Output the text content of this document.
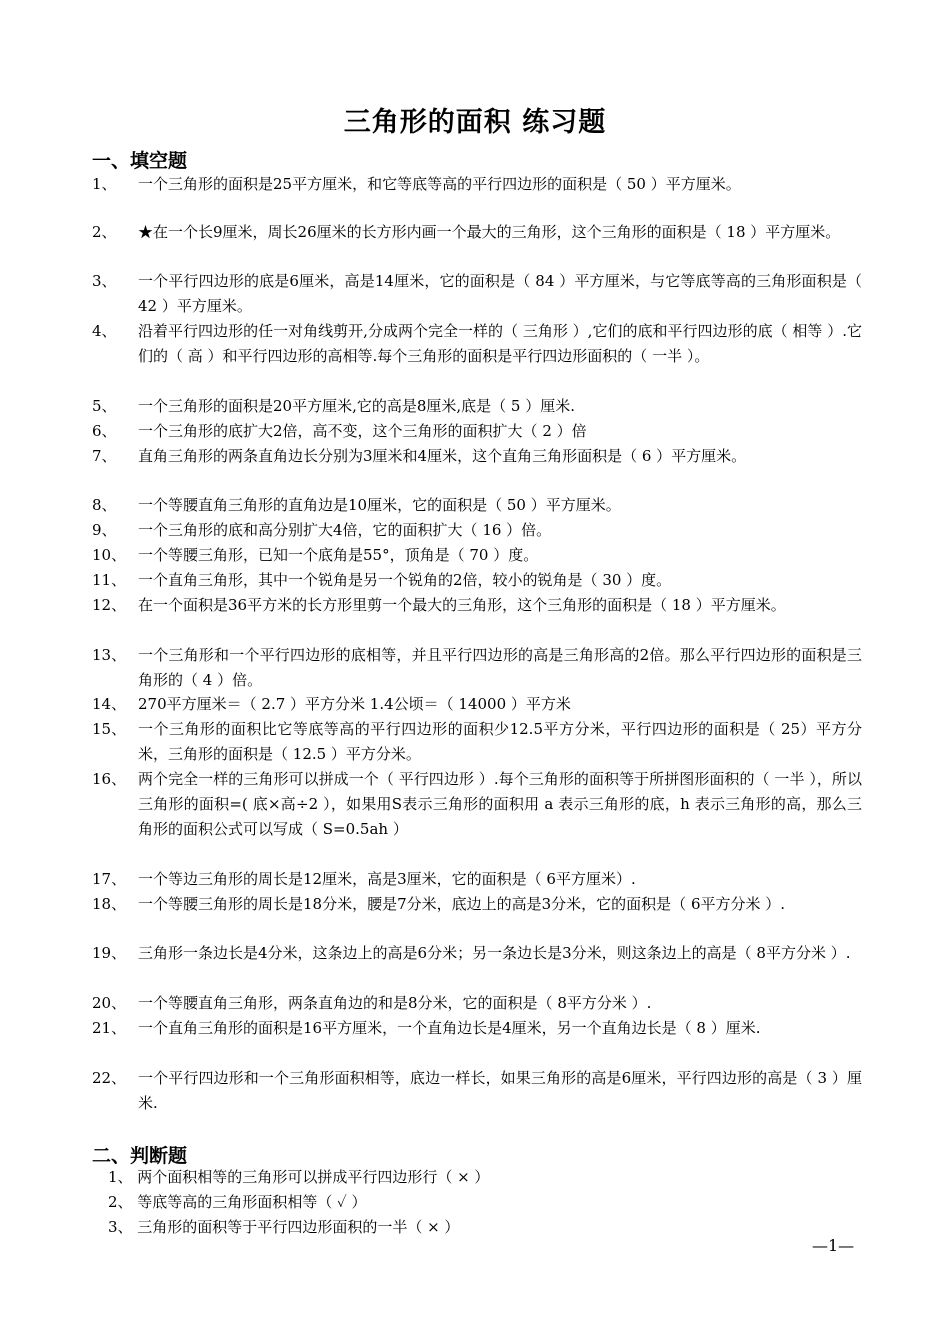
三角形的面积 练习题
一、填空题
1、 一个三角形的面积是25平方厘米，和它等底等高的平行四边形的面积是（ 50 ）平方厘米。
2、 ★在一个长9厘米，周长26厘米的长方形内画一个最大的三角形，这个三角形的面积是（ 18 ）平方厘米。
3、 一个平行四边形的底是6厘米，高是14厘米，它的面积是（ 84 ）平方厘米，与它等底等高的三角形面积是（ 42 ）平方厘米。
4、 沿着平行四边形的任一对角线剪开,分成两个完全一样的（ 三角形 ）,它们的底和平行四边形的底（ 相等 ）.它们的（ 高 ）和平行四边形的高相等.每个三角形的面积是平行四边形面积的（ 一半 ）。
5、 一个三角形的面积是20平方厘米,它的高是8厘米,底是（ 5 ）厘米.
6、 一个三角形的底扩大2倍，高不变，这个三角形的面积扩大（ 2 ）倍
7、 直角三角形的两条直角边长分别为3厘米和4厘米，这个直角三角形面积是（ 6 ）平方厘米。
8、 一个等腰直角三角形的直角边是10厘米，它的面积是（ 50 ）平方厘米。
9、 一个三角形的底和高分别扩大4倍，它的面积扩大（ 16 ）倍。
10、 一个等腰三角形，已知一个底角是55°，顶角是（ 70 ）度。
11、 一个直角三角形，其中一个锐角是另一个锐角的2倍，较小的锐角是（ 30 ）度。
12、 在一个面积是36平方米的长方形里剪一个最大的三角形，这个三角形的面积是（ 18 ）平方厘米。
13、 一个三角形和一个平行四边形的底相等，并且平行四边形的高是三角形高的2倍。那么平行四边形的面积是三角形的（ 4 ）倍。
14、 270平方厘米＝（ 2.7 ）平方分米 1.4公顷＝（ 14000 ）平方米
15、 一个三角形的面积比它等底等高的平行四边形的面积少12.5平方分米，平行四边形的面积是（ 25）平方分米，三角形的面积是（ 12.5 ）平方分米。
16、 两个完全一样的三角形可以拼成一个（ 平行四边形 ）.每个三角形的面积等于所拼图形面积的（ 一半 ），所以三角形的面积=( 底×高÷2 ），如果用S表示三角形的面积用 a 表示三角形的底，h 表示三角形的高，那么三角形的面积公式可以写成（ S=0.5ah ）
17、 一个等边三角形的周长是12厘米，高是3厘米，它的面积是（ 6平方厘米）.
18、 一个等腰三角形的周长是18分米，腰是7分米，底边上的高是3分米，它的面积是（ 6平方分米 ）.
19、 三角形一条边长是4分米，这条边上的高是6分米；另一条边长是3分米，则这条边上的高是（ 8平方分米 ）.
20、 一个等腰直角三角形，两条直角边的和是8分米，它的面积是（ 8平方分米 ）.
21、 一个直角三角形的面积是16平方厘米，一个直角边长是4厘米，另一个直角边长是（ 8 ）厘米.
22、 一个平行四边形和一个三角形面积相等，底边一样长，如果三角形的高是6厘米，平行四边形的高是（ 3 ）厘米.
二、判断题
1、 两个面积相等的三角形可以拼成平行四边形行（ × ）
2、 等底等高的三角形面积相等（ ✓ ）
3、 三角形的面积等于平行四边形面积的一半（ × ）
—1—
